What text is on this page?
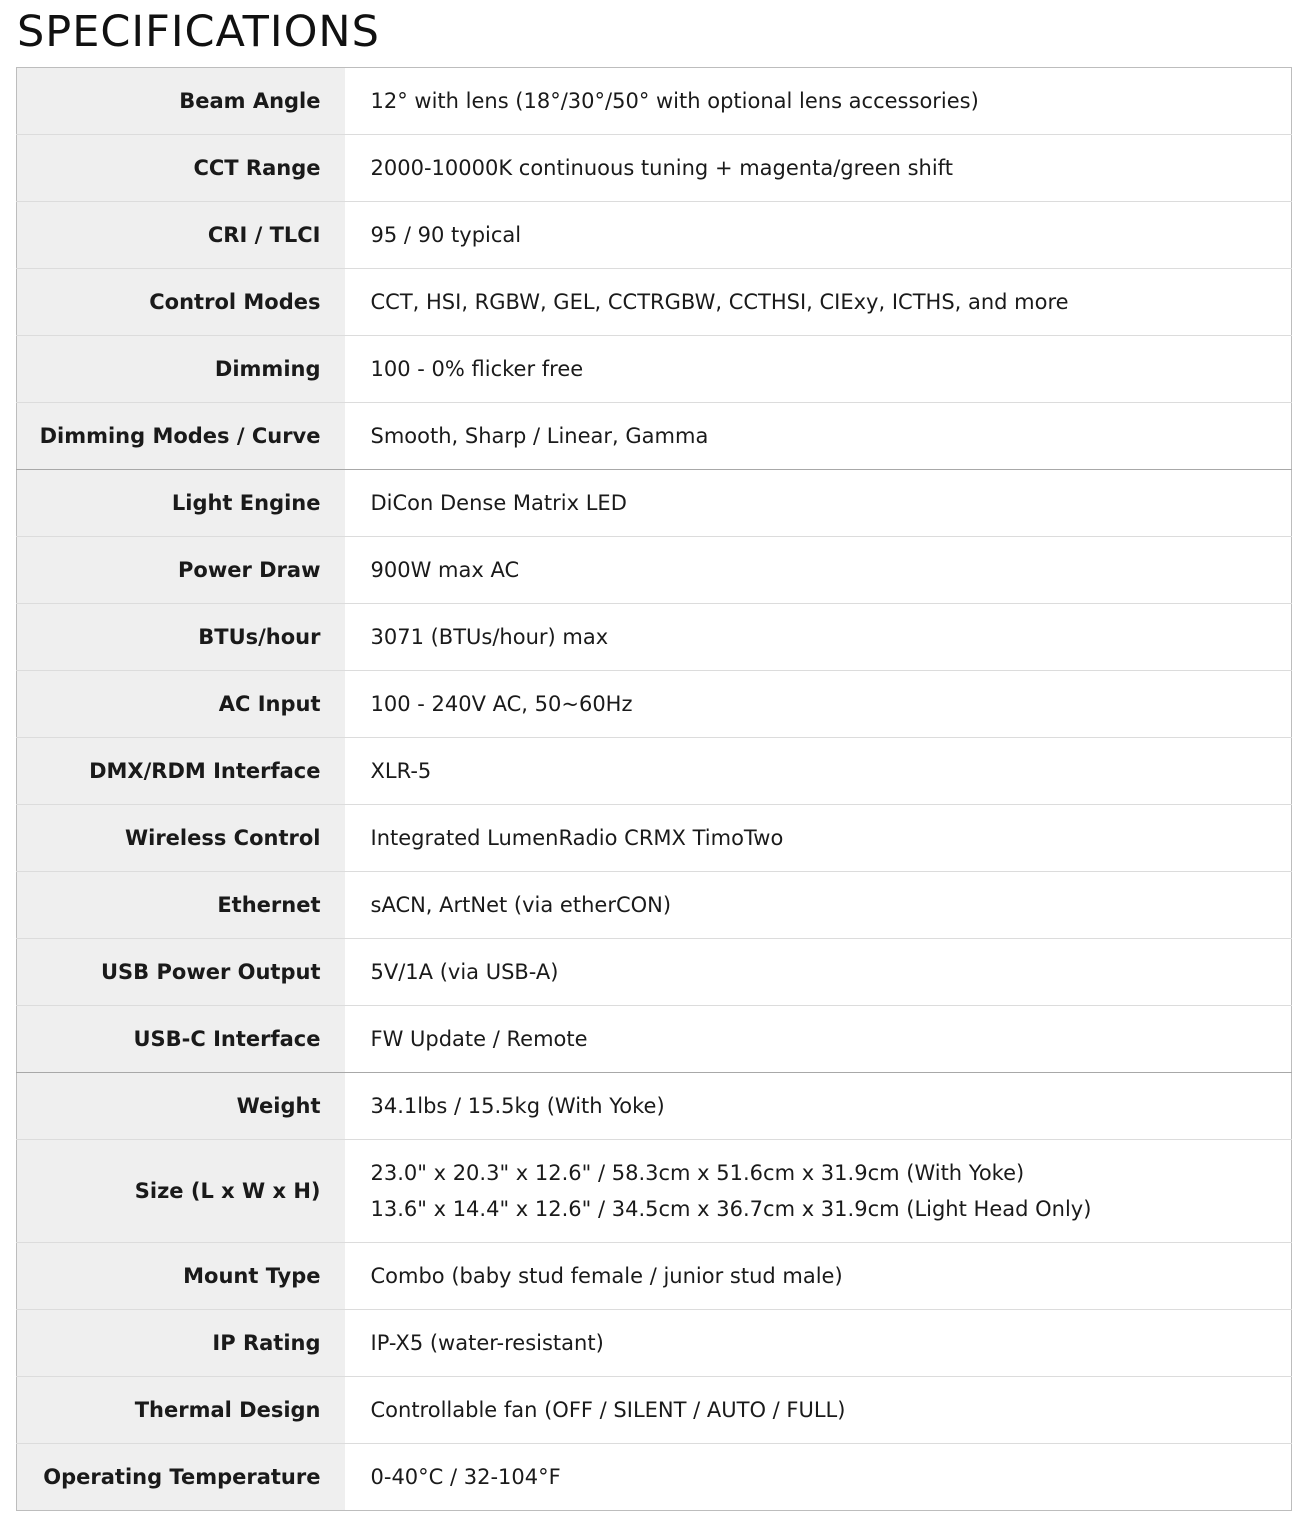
SPECIFICATIONS
Beam Angle	12° with lens (18°/30°/50° with optional lens accessories)
CCT Range	2000-10000K continuous tuning + magenta/green shift
CRI / TLCI	95 / 90 typical
Control Modes	CCT, HSI, RGBW, GEL, CCTRGBW, CCTHSI, CIExy, ICTHS, and more
Dimming	100 - 0% flicker free
Dimming Modes / Curve	Smooth, Sharp / Linear, Gamma
Light Engine	DiCon Dense Matrix LED
Power Draw	900W max AC
BTUs/hour	3071 (BTUs/hour) max
AC Input	100 - 240V AC, 50~60Hz
DMX/RDM Interface	XLR-5
Wireless Control	Integrated LumenRadio CRMX TimoTwo
Ethernet	sACN, ArtNet (via etherCON)
USB Power Output	5V/1A (via USB-A)
USB-C Interface	FW Update / Remote
Weight	34.1lbs / 15.5kg (With Yoke)
Size (L x W x H)	23.0" x 20.3" x 12.6" / 58.3cm x 51.6cm x 31.9cm (With Yoke)
13.6" x 14.4" x 12.6" / 34.5cm x 36.7cm x 31.9cm (Light Head Only)

Mount Type	Combo (baby stud female / junior stud male)
IP Rating	IP-X5 (water-resistant)
Thermal Design	Controllable fan (OFF / SILENT / AUTO / FULL)
Operating Temperature	0-40°C / 32-104°F
